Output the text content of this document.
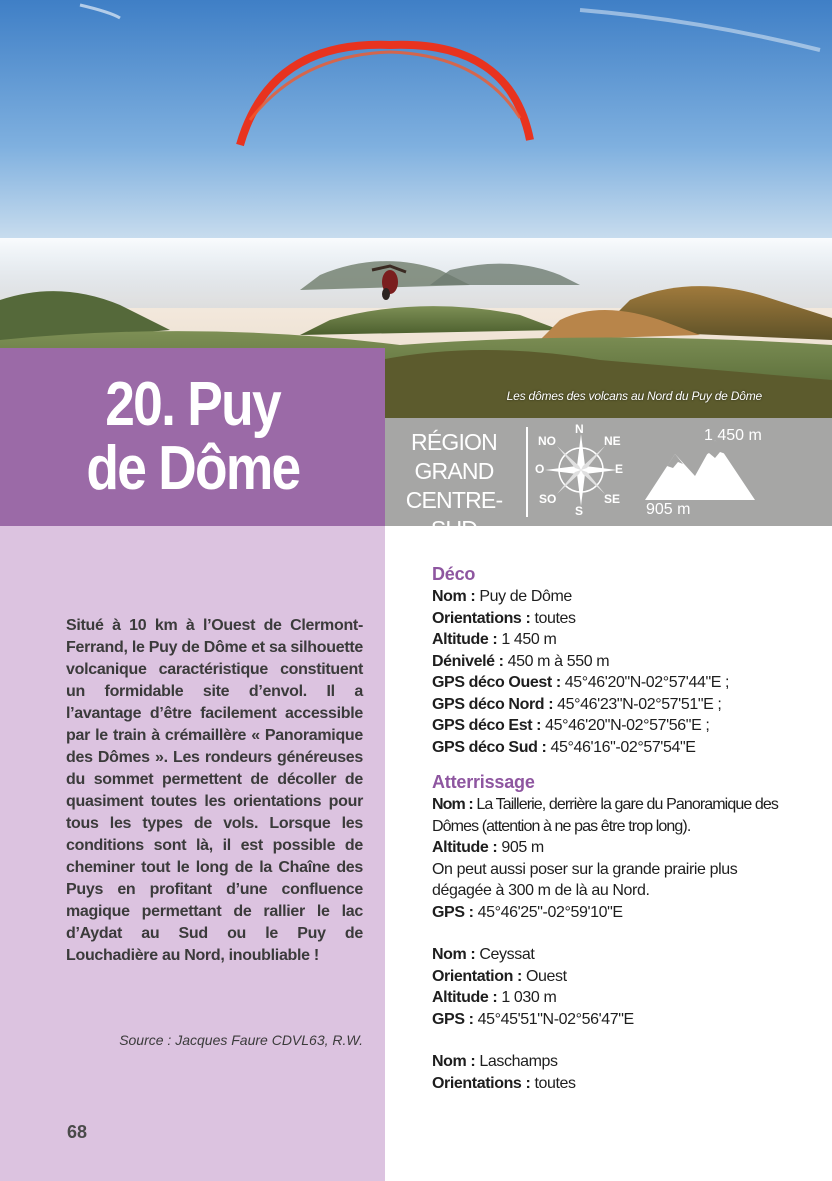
Les dômes des volcans au Nord du Puy de Dôme
20. Puy
de Dôme	RÉGION
GRAND
CENTRE-SUD
N
NE
E
SE
S
SO
O
NO	1 450 m
905 m
Situé à 10 km à l’Ouest de Clermont-Ferrand, le Puy de Dôme et sa silhouette volcanique caractéristique constituent un formidable site d’envol. Il a l’avantage d’être facilement accessible par le train à crémaillère « Panoramique des Dômes ». Les rondeurs généreuses du sommet permettent de décoller de quasiment toutes les orientations pour tous les types de vols. Lorsque les conditions sont là, il est possible de cheminer tout le long de la Chaîne des Puys en profitant d’une confluence magique permettant de rallier le lac d’Aydat au Sud ou le Puy de Louchadière au Nord, inoubliable !
Source : Jacques Faure CDVL63, R.W.
68
Déco
Nom : Puy de Dôme
Orientations : toutes
Altitude : 1 450 m
Dénivelé : 450 m à 550 m
GPS déco Ouest : 45°46'20"N-02°57'44"E ;
GPS déco Nord : 45°46'23"N-02°57'51"E ;
GPS déco Est : 45°46'20"N-02°57'56"E ;
GPS déco Sud : 45°46'16"-02°57'54"E
Atterrissage
Nom : La Taillerie, derrière la gare du Panoramique des Dômes (attention à ne pas être trop long).
Altitude : 905 m
On peut aussi poser sur la grande prairie plus dégagée à 300 m de là au Nord.
GPS : 45°46'25"-02°59'10"E
Nom : Ceyssat
Orientation : Ouest
Altitude : 1 030 m
GPS : 45°45'51"N-02°56'47"E
Nom : Laschamps
Orientations : toutes
